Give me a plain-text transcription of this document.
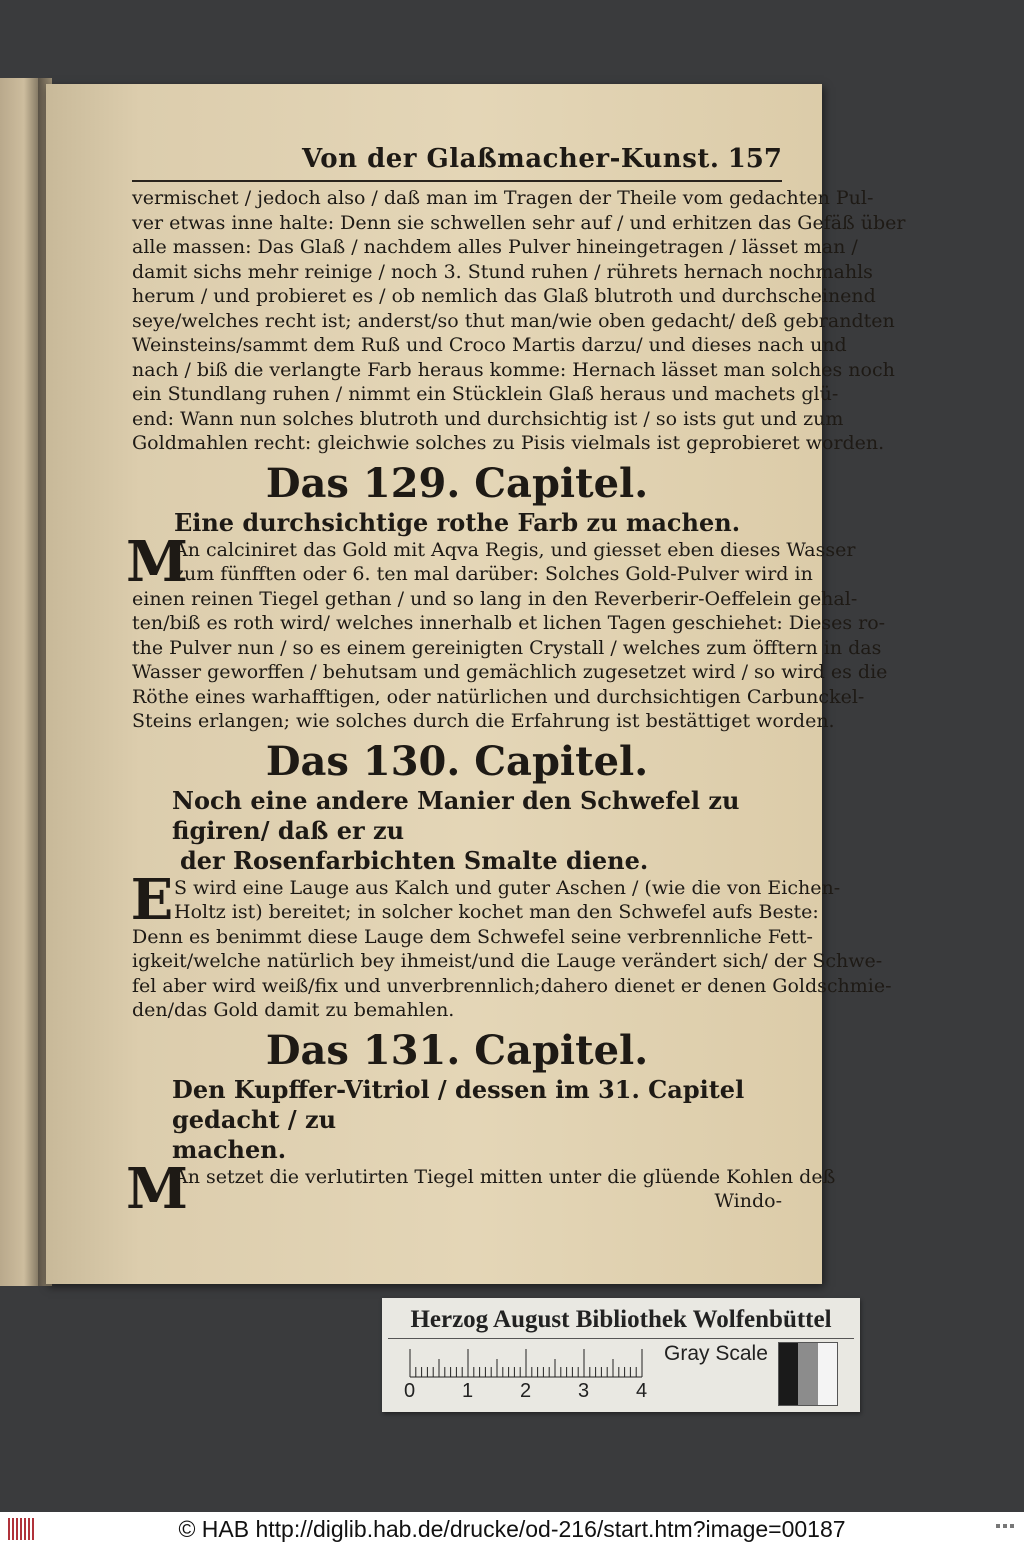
Von der Glaßmacher-Kunst. 157
vermischet / jedoch also / daß man im Tragen der Theile vom gedachten Pul-
ver etwas inne halte: Denn sie schwellen sehr auf / und erhitzen das Gefäß über
alle massen: Das Glaß / nachdem alles Pulver hineingetragen / lässet man /
damit sichs mehr reinige / noch 3. Stund ruhen / rührets hernach nochmahls
herum / und probieret es / ob nemlich das Glaß blutroth und durchscheinend
seye/welches recht ist; anderst/so thut man/wie oben gedacht/ deß gebrandten
Weinsteins/sammt dem Ruß und Croco Martis darzu/ und dieses nach und
nach / biß die verlangte Farb heraus komme: Hernach lässet man solches noch
ein Stundlang ruhen / nimmt ein Stücklein Glaß heraus und machets glü-
end: Wann nun solches blutroth und durchsichtig ist / so ists gut und zum
Goldmahlen recht: gleichwie solches zu Pisis vielmals ist geprobieret worden.
Das 129. Capitel.
Eine durchsichtige rothe Farb zu machen.
M
An calciniret das Gold mit Aqva Regis, und giesset eben dieses Wasser
zum fünfften oder 6. ten mal darüber: Solches Gold-Pulver wird in
einen reinen Tiegel gethan / und so lang in den Reverberir-Oeffelein gehal-
ten/biß es roth wird/ welches innerhalb et lichen Tagen geschiehet: Dieses ro-
the Pulver nun / so es einem gereinigten Crystall / welches zum öfftern in das
Wasser geworffen / behutsam und gemächlich zugesetzet wird / so wird es die
Röthe eines warhafftigen, oder natürlichen und durchsichtigen Carbunckel-
Steins erlangen; wie solches durch die Erfahrung ist bestättiget worden.
Das 130. Capitel.
Noch eine andere Manier den Schwefel zu figiren/ daß er zu
der Rosenfarbichten Smalte diene.
E S wird eine Lauge aus Kalch und guter Aschen / (wie die von Eichen-
Holtz ist) bereitet; in solcher kochet man den Schwefel aufs Beste:
Denn es benimmt diese Lauge dem Schwefel seine verbrennliche Fett-
igkeit/welche natürlich bey ihmeist/und die Lauge verändert sich/ der Schwe-
fel aber wird weiß/fix und unverbrennlich;dahero dienet er denen Goldschmie-
den/das Gold damit zu bemahlen.
Das 131. Capitel.
Den Kupffer-Vitriol / dessen im 31. Capitel gedacht / zu
machen.
M
An setzet die verlutirten Tiegel mitten unter die glüende Kohlen deß
Windo-
Herzog August Bibliothek Wolfenbüttel
0 1 2 3 4
Gray Scale
© HAB http://diglib.hab.de/drucke/od-216/start.htm?image=00187
